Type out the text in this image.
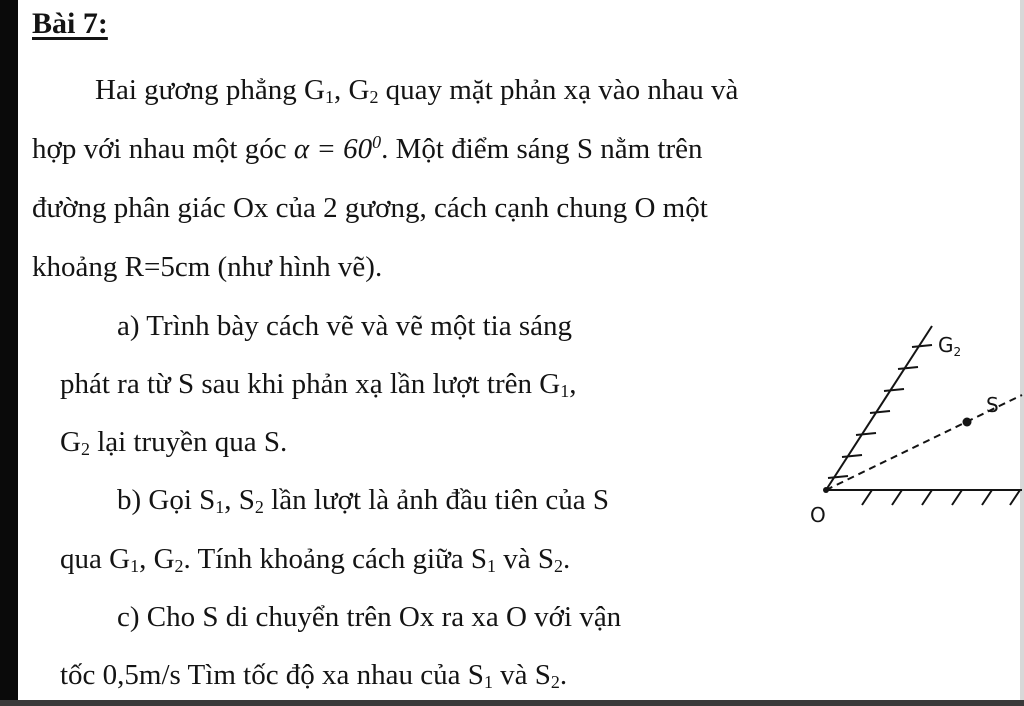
Bài 7:
Hai gương phẳng $G_1$, $G_2$ quay mặt phản xạ vào nhau và
hợp với nhau một góc $\alpha = 60^0$. Một điểm sáng S nằm trên
đường phân giác Ox của 2 gương, cách cạnh chung O một
khoảng R=5cm (như hình vẽ).
a) Trình bày cách vẽ và vẽ một tia sáng
phát ra từ S sau khi phản xạ lần lượt trên $G_1$,
$G_2$ lại truyền qua S.
b) Gọi $S_1$, $S_2$ lần lượt là ảnh đầu tiên của S
qua $G_1$, $G_2$. Tính khoảng cách giữa $S_1$ và $S_2$.
c) Cho S di chuyển trên Ox ra xa O với vận
tốc 0,5m/s Tìm tốc độ xa nhau của $S_1$ và $S_2$.
$G_2$
S
O
